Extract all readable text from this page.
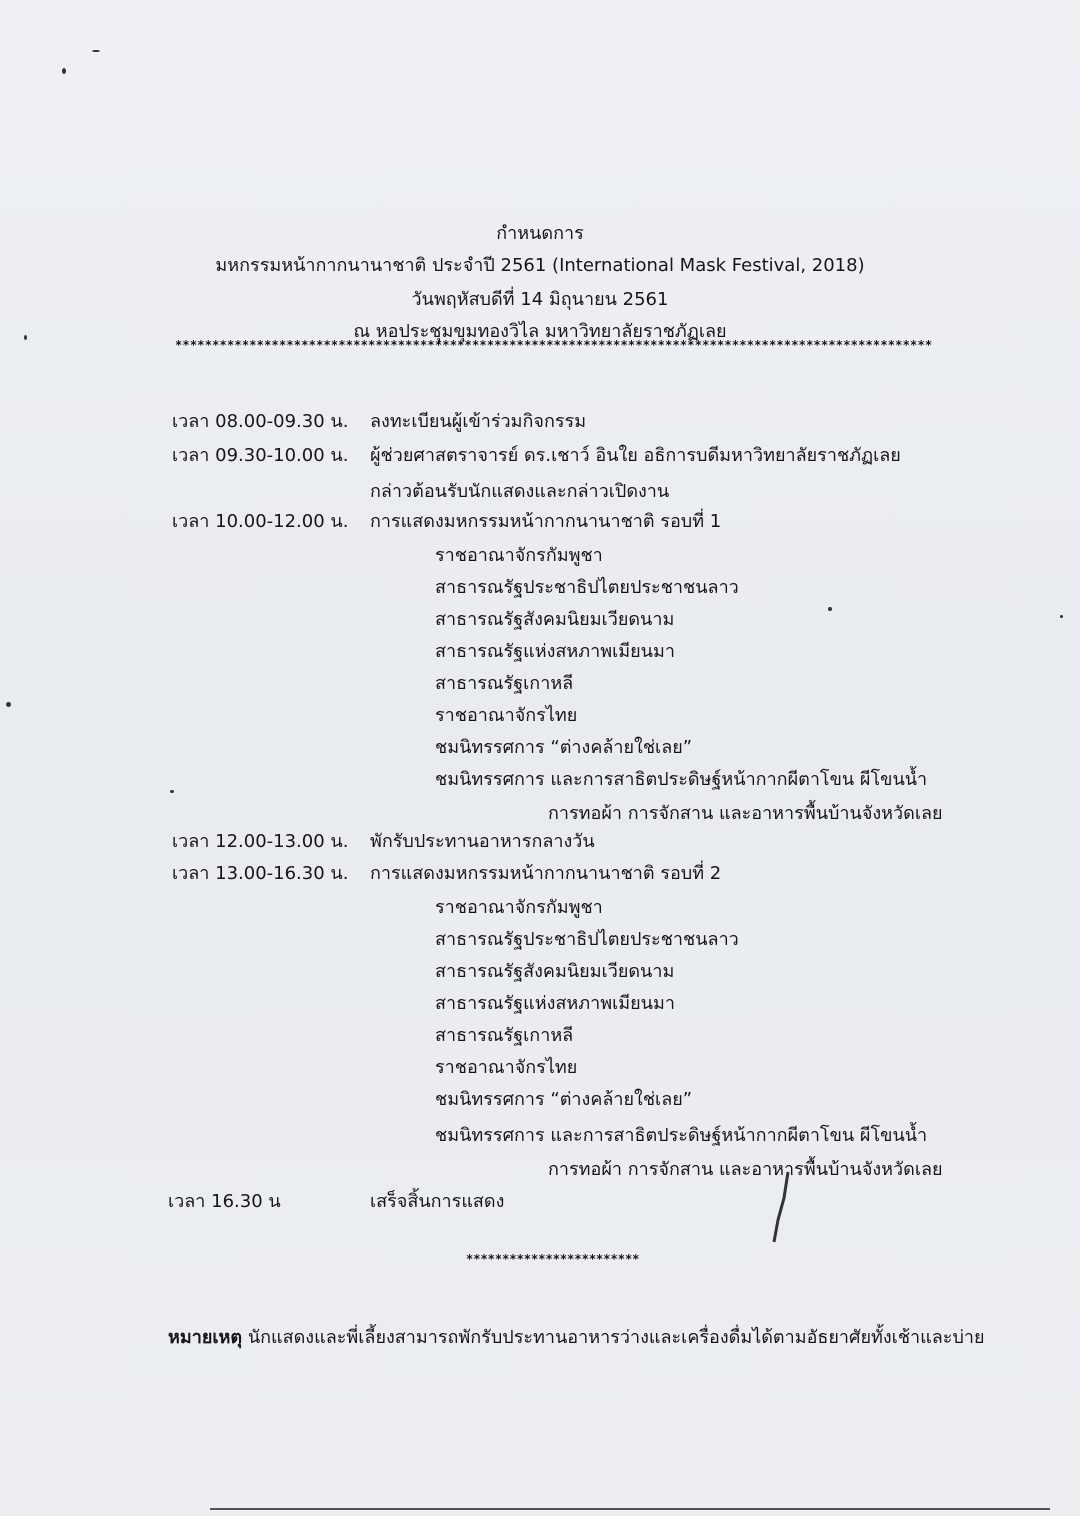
กำหนดการ
มหกรรมหน้ากากนานาชาติ ประจำปี 2561 (International Mask Festival, 2018)
วันพฤหัสบดีที่ 14 มิถุนายน 2561
ณ หอประชุมขุมทองวิไล มหาวิทยาลัยราชภัฏเลย
******************************************************************************************************
เวลา 08.00-09.30 น. ลงทะเบียนผู้เข้าร่วมกิจกรรม
เวลา 09.30-10.00 น. ผู้ช่วยศาสตราจารย์ ดร.เชาว์ อินใย อธิการบดีมหาวิทยาลัยราชภัฏเลย
กล่าวต้อนรับนักแสดงและกล่าวเปิดงาน
เวลา 10.00-12.00 น. การแสดงมหกรรมหน้ากากนานาชาติ รอบที่ 1
ราชอาณาจักรกัมพูชา
สาธารณรัฐประชาธิปไตยประชาชนลาว
สาธารณรัฐสังคมนิยมเวียดนาม
สาธารณรัฐแห่งสหภาพเมียนมา
สาธารณรัฐเกาหลี
ราชอาณาจักรไทย
ชมนิทรรศการ “ต่างคล้ายใช่เลย”
ชมนิทรรศการ และการสาธิตประดิษฐ์หน้ากากผีตาโขน ผีโขนน้ำ
การทอผ้า การจักสาน และอาหารพื้นบ้านจังหวัดเลย
เวลา 12.00-13.00 น. พักรับประทานอาหารกลางวัน
เวลา 13.00-16.30 น. การแสดงมหกรรมหน้ากากนานาชาติ รอบที่ 2
ราชอาณาจักรกัมพูชา
สาธารณรัฐประชาธิปไตยประชาชนลาว
สาธารณรัฐสังคมนิยมเวียดนาม
สาธารณรัฐแห่งสหภาพเมียนมา
สาธารณรัฐเกาหลี
ราชอาณาจักรไทย
ชมนิทรรศการ “ต่างคล้ายใช่เลย”
ชมนิทรรศการ และการสาธิตประดิษฐ์หน้ากากผีตาโขน ผีโขนน้ำ
การทอผ้า การจักสาน และอาหารพื้นบ้านจังหวัดเลย
เวลา 16.30 น	เสร็จสิ้นการแสดง
************************
หมายเหตุ นักแสดงและพี่เลี้ยงสามารถพักรับประทานอาหารว่างและเครื่องดื่มได้ตามอัธยาศัยทั้งเช้าและบ่าย
